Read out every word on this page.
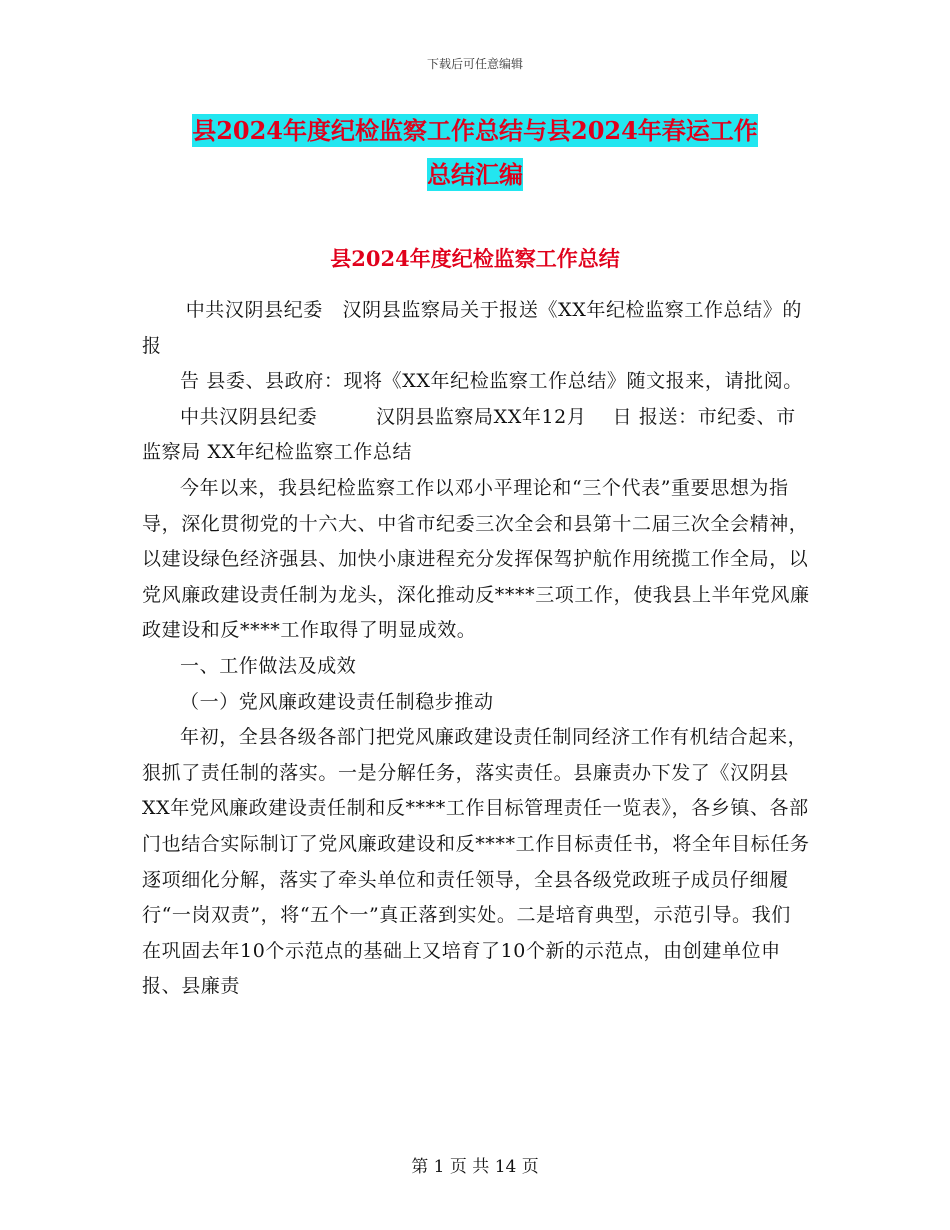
下载后可任意编辑
县2024年度纪检监察工作总结与县2024年春运工作
总结汇编
县2024年度纪检监察工作总结

中共汉阴县纪委　汉阴县监察局关于报送《XX年纪检监察工作总结》的报

告 县委、县政府：现将《XX年纪检监察工作总结》随文报来，请批阅。

中共汉阴县纪委　　　汉阴县监察局XX年12月　 日 报送：市纪委、市监察局 XX年纪检监察工作总结

今年以来，我县纪检监察工作以邓小平理论和“三个代表”重要思想为指导，深化贯彻党的十六大、中省市纪委三次全会和县第十二届三次全会精神，以建设绿色经济强县、加快小康进程充分发挥保驾护航作用统揽工作全局，以党风廉政建设责任制为龙头，深化推动反****三项工作，使我县上半年党风廉政建设和反****工作取得了明显成效。

一、工作做法及成效

（一）党风廉政建设责任制稳步推动

年初，全县各级各部门把党风廉政建设责任制同经济工作有机结合起来，狠抓了责任制的落实。一是分解任务，落实责任。县廉责办下发了《汉阴县XX年党风廉政建设责任制和反****工作目标管理责任一览表》，各乡镇、各部门也结合实际制订了党风廉政建设和反****工作目标责任书，将全年目标任务逐项细化分解，落实了牵头单位和责任领导，全县各级党政班子成员仔细履行“一岗双责”，将“五个一”真正落到实处。二是培育典型，示范引导。我们在巩固去年10个示范点的基础上又培育了10个新的示范点，由创建单位申报、县廉责

第 1 页 共 14 页
